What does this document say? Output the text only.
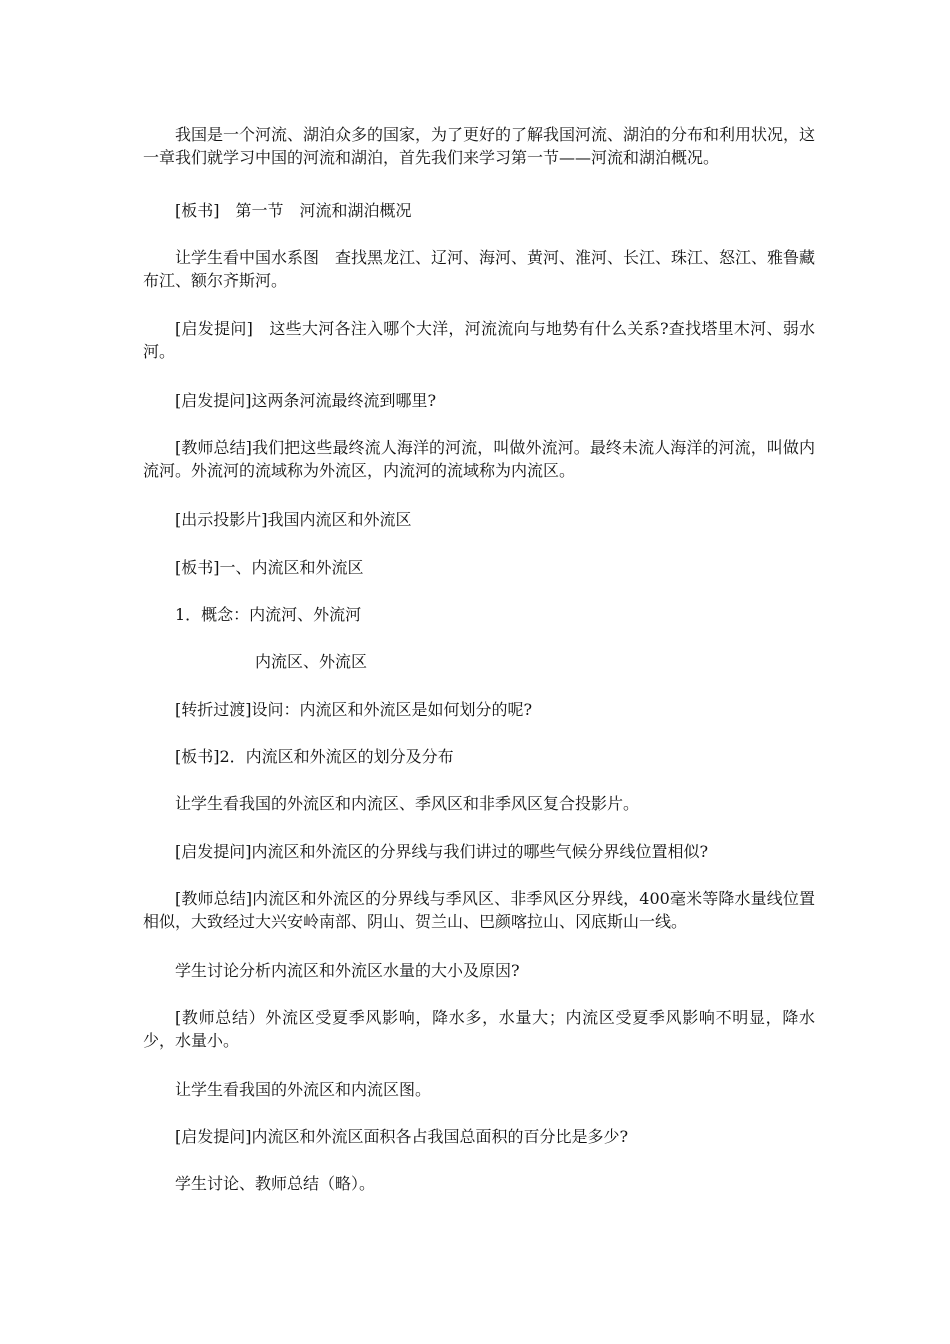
我国是一个河流、湖泊众多的国家，为了更好的了解我国河流、湖泊的分布和利用状况，这一章我们就学习中国的河流和湖泊，首先我们来学习第一节——河流和湖泊概况。

[板书]　第一节　河流和湖泊概况

让学生看中国水系图　查找黑龙江、辽河、海河、黄河、淮河、长江、珠江、怒江、雅鲁藏布江、额尔齐斯河。

[启发提问]　这些大河各注入哪个大洋，河流流向与地势有什么关系?查找塔里木河、弱水河。

[启发提问]这两条河流最终流到哪里?

[教师总结]我们把这些最终流人海洋的河流，叫做外流河。最终未流人海洋的河流，叫做内流河。外流河的流域称为外流区，内流河的流域称为内流区。

[出示投影片]我国内流区和外流区

[板书]一、内流区和外流区

1．概念：内流河、外流河

内流区、外流区

[转折过渡]设问：内流区和外流区是如何划分的呢?

[板书]2．内流区和外流区的划分及分布

让学生看我国的外流区和内流区、季风区和非季风区复合投影片。

[启发提问]内流区和外流区的分界线与我们讲过的哪些气候分界线位置相似?

[教师总结]内流区和外流区的分界线与季风区、非季风区分界线，400毫米等降水量线位置相似，大致经过大兴安岭南部、阴山、贺兰山、巴颜喀拉山、冈底斯山一线。

学生讨论分析内流区和外流区水量的大小及原因?

[教师总结）外流区受夏季风影响，降水多，水量大；内流区受夏季风影响不明显，降水少，水量小。

让学生看我国的外流区和内流区图。

[启发提问]内流区和外流区面积各占我国总面积的百分比是多少?

学生讨论、教师总结（略）。
